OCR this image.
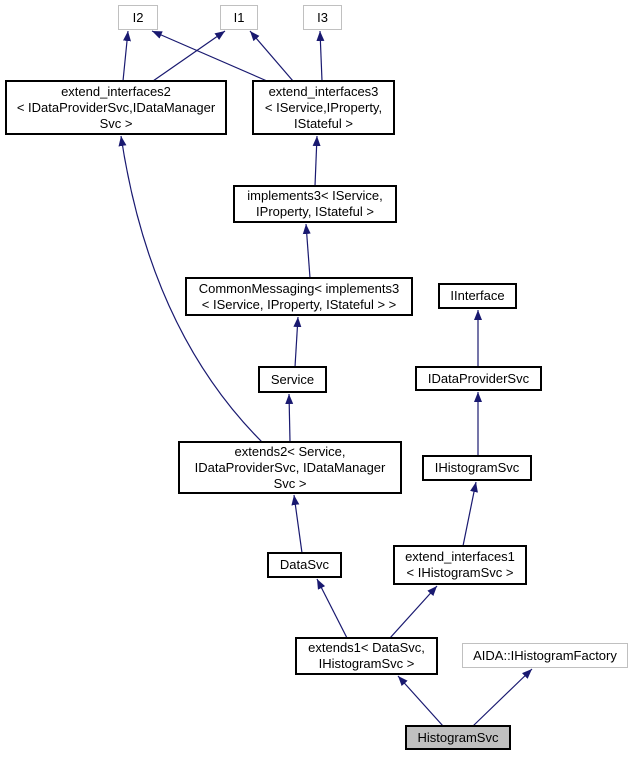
I2	I1	I3
extend_interfaces2
< IDataProviderSvc,IDataManager
Svc >
extend_interfaces3
< IService,IProperty,
IStateful >
implements3< IService,
IProperty, IStateful >
CommonMessaging< implements3
< IService, IProperty, IStateful > >
IInterface
Service	IDataProviderSvc
extends2< Service,
IDataProviderSvc, IDataManager
Svc >
IHistogramSvc
DataSvc
extend_interfaces1
< IHistogramSvc >
extends1< DataSvc,
IHistogramSvc >
AIDA::IHistogramFactory
HistogramSvc
